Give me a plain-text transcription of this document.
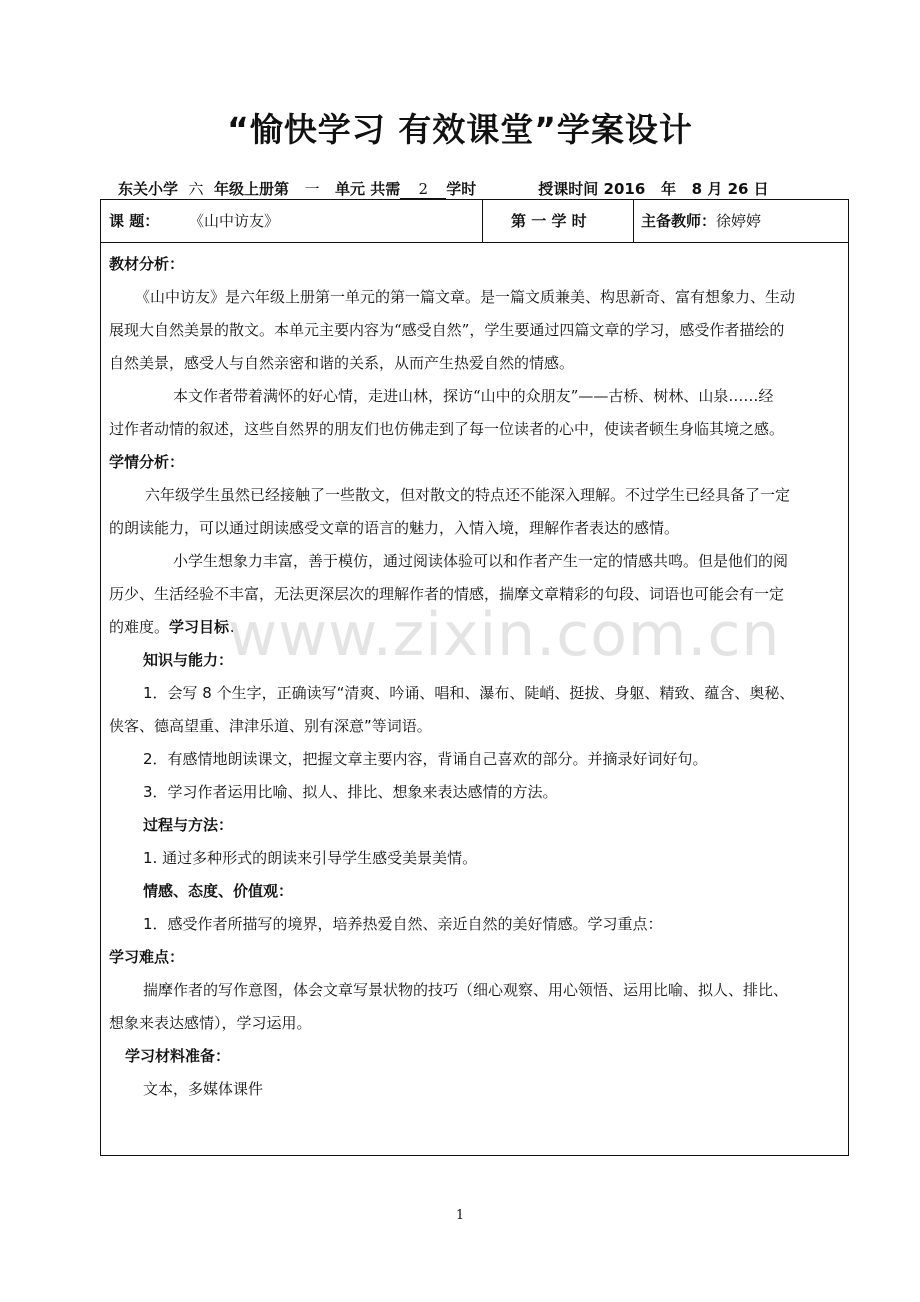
“愉快学习 有效课堂”学案设计
东关小学 六 年级上册第 一 单元 共需 2 学时	授课时间 2016 年 8 月 26 日
课 题： 《山中访友》	第 一 学 时	主备教师：徐婷婷
教材分析：
《山中访友》是六年级上册第一单元的第一篇文章。是一篇文质兼美、构思新奇、富有想象力、生动
展现大自然美景的散文。本单元主要内容为“感受自然”，学生要通过四篇文章的学习，感受作者描绘的
自然美景，感受人与自然亲密和谐的关系，从而产生热爱自然的情感。
本文作者带着满怀的好心情，走进山林，探访“山中的众朋友”——古桥、树林、山泉……经
过作者动情的叙述，这些自然界的朋友们也仿佛走到了每一位读者的心中，使读者顿生身临其境之感。
学情分析：
六年级学生虽然已经接触了一些散文，但对散文的特点还不能深入理解。不过学生已经具备了一定
的朗读能力，可以通过朗读感受文章的语言的魅力，入情入境，理解作者表达的感情。
小学生想象力丰富，善于模仿，通过阅读体验可以和作者产生一定的情感共鸣。但是他们的阅
历少、生活经验不丰富，无法更深层次的理解作者的情感，揣摩文章精彩的句段、词语也可能会有一定
的难度。学习目标：
知识与能力：
1．会写 8 个生字，正确读写“清爽、吟诵、唱和、瀑布、陡峭、挺拔、身躯、精致、蕴含、奥秘、
侠客、德高望重、津津乐道、别有深意”等词语。
2．有感情地朗读课文，把握文章主要内容，背诵自己喜欢的部分。并摘录好词好句。
3．学习作者运用比喻、拟人、排比、想象来表达感情的方法。
过程与方法：
1. 通过多种形式的朗读来引导学生感受美景美情。
情感、态度、价值观：
1．感受作者所描写的境界，培养热爱自然、亲近自然的美好情感。学习重点：
学习难点：
揣摩作者的写作意图，体会文章写景状物的技巧（细心观察、用心领悟、运用比喻、拟人、排比、
想象来表达感情），学习运用。
学习材料准备：
文本，多媒体课件
www.zixin.com.cn
1
